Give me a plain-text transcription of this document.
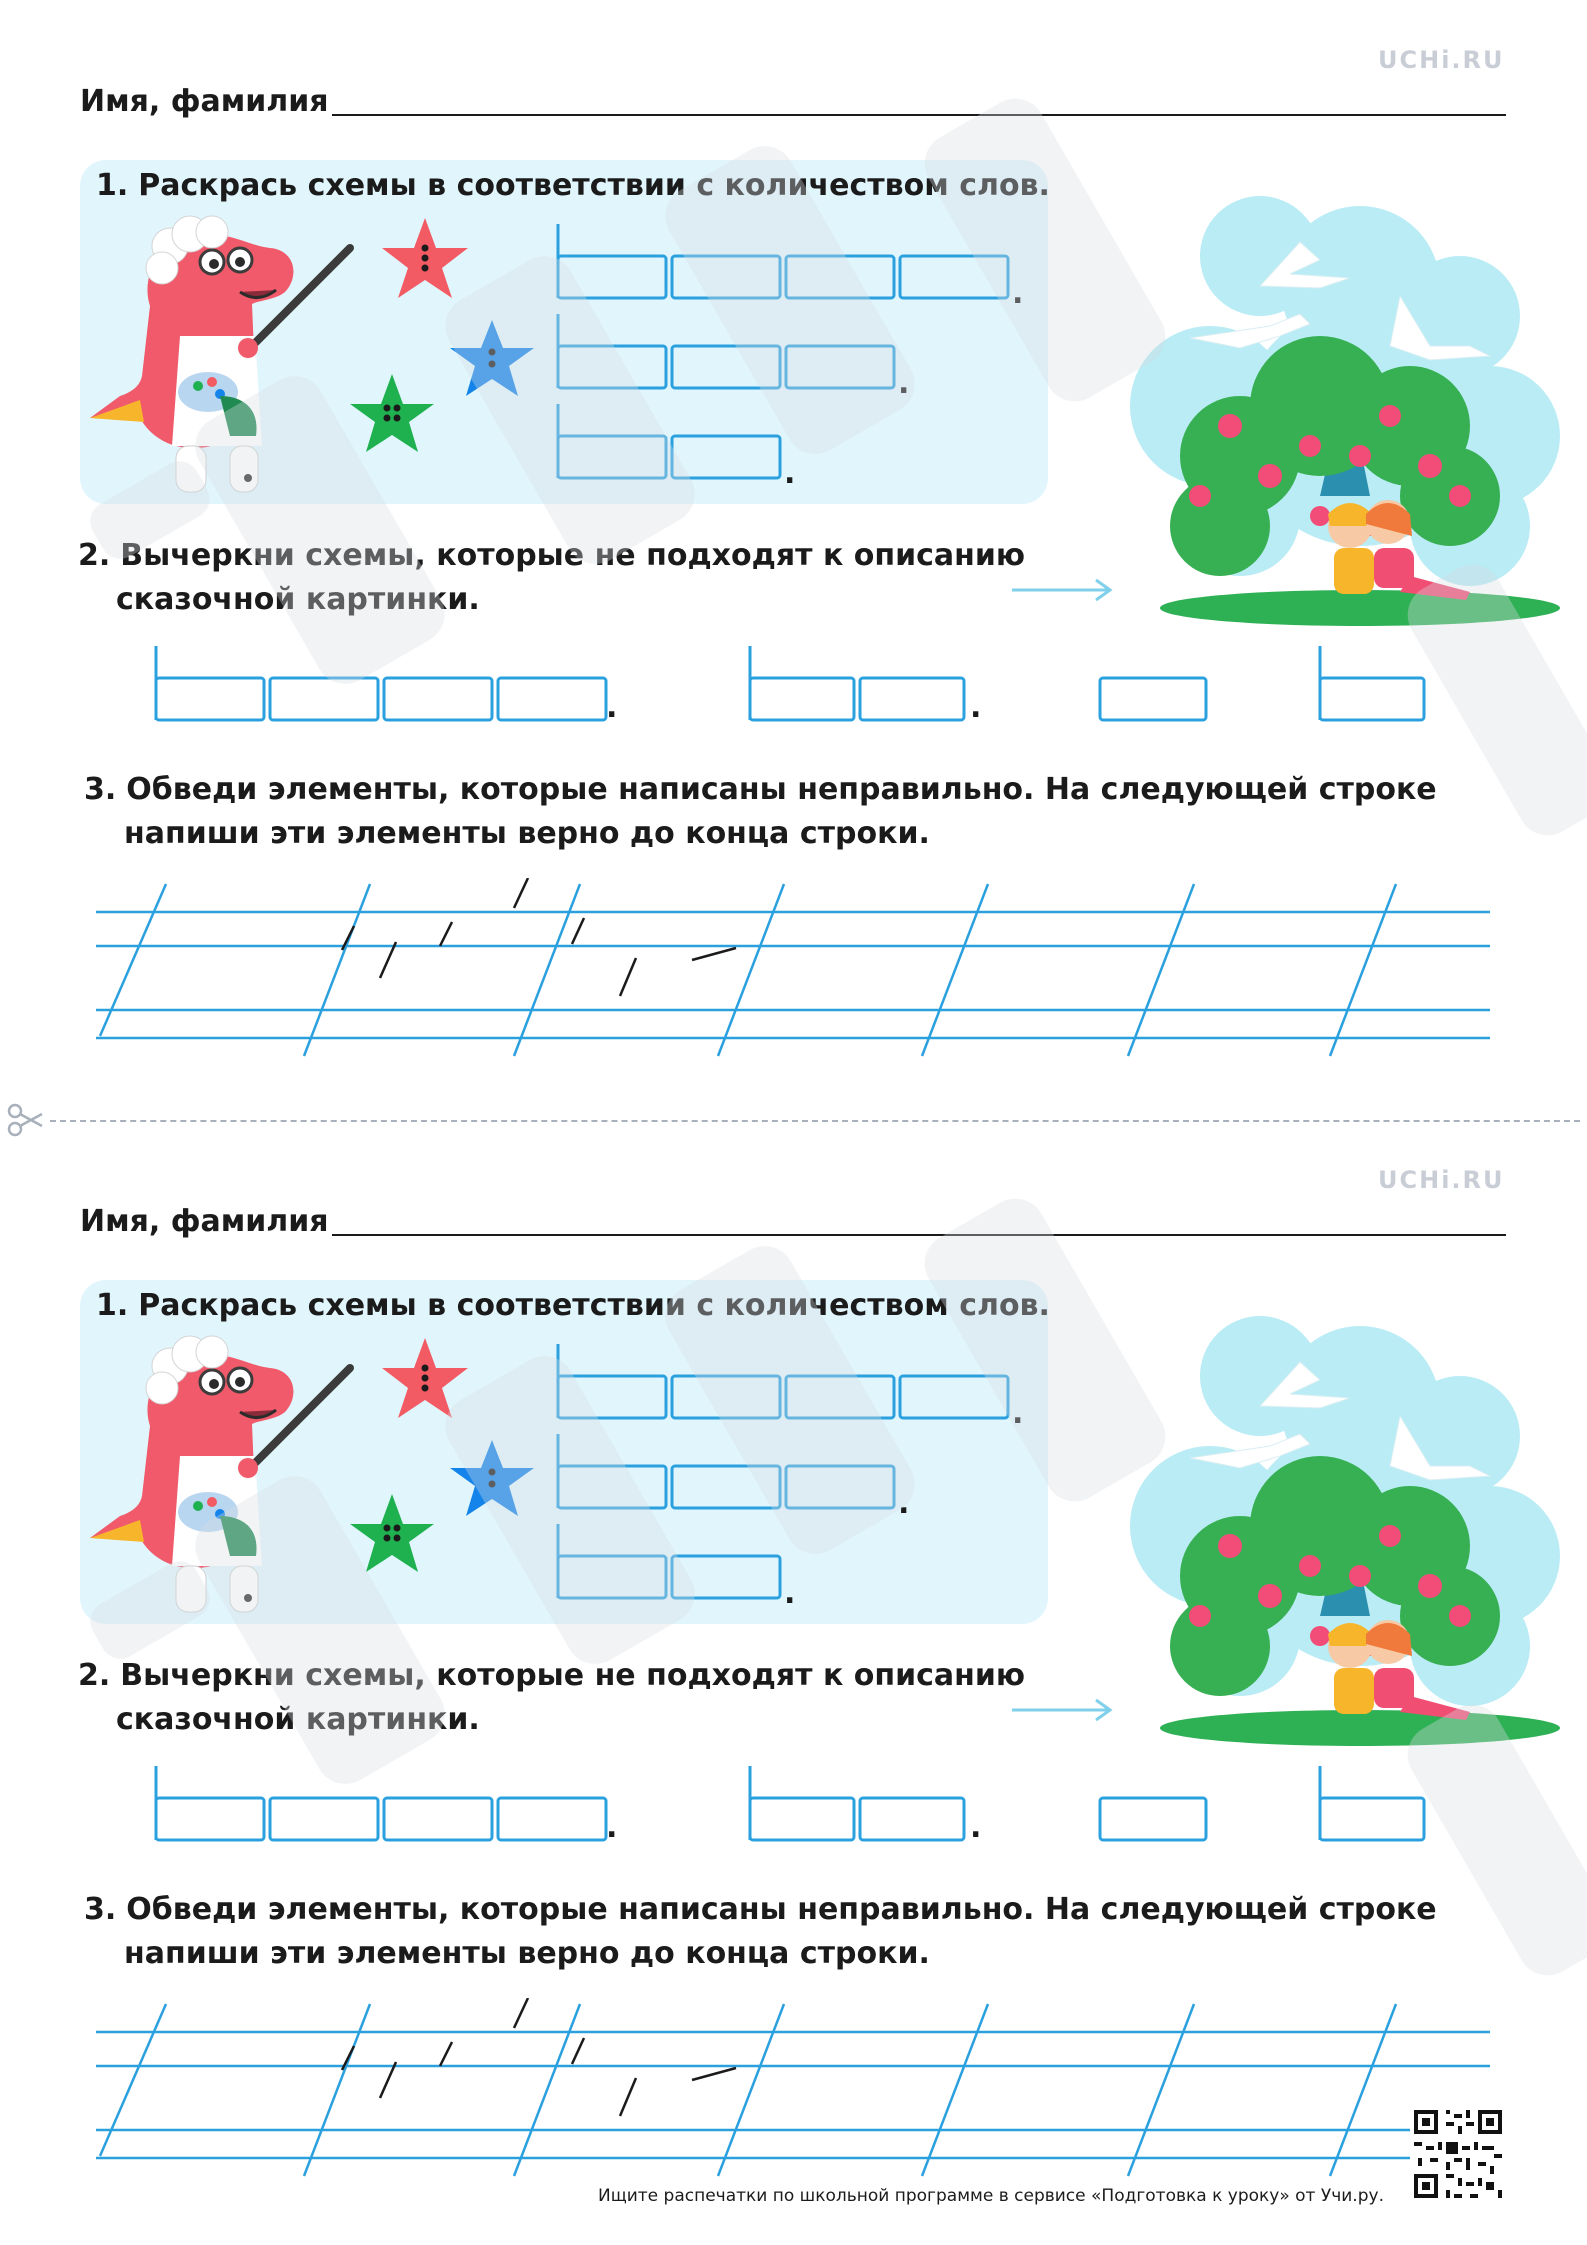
UCHi.RU
Имя, фамилия
1. Раскрась схемы в соответствии с количеством слов.
.
.
.
2. Вычеркни схемы, которые не подходят к описанию
сказочной картинки.
.	.
3. Обведи элементы, которые написаны неправильно. На следующей строке
напиши эти элементы верно до конца строки.
UCHi.RU
Имя, фамилия
1. Раскрась схемы в соответствии с количеством слов.
.
.
.
2. Вычеркни схемы, которые не подходят к описанию
сказочной картинки.
.	.
3. Обведи элементы, которые написаны неправильно. На следующей строке
напиши эти элементы верно до конца строки.
Ищите распечатки по школьной программе в сервисе «Подготовка к уроку» от Учи.ру.
